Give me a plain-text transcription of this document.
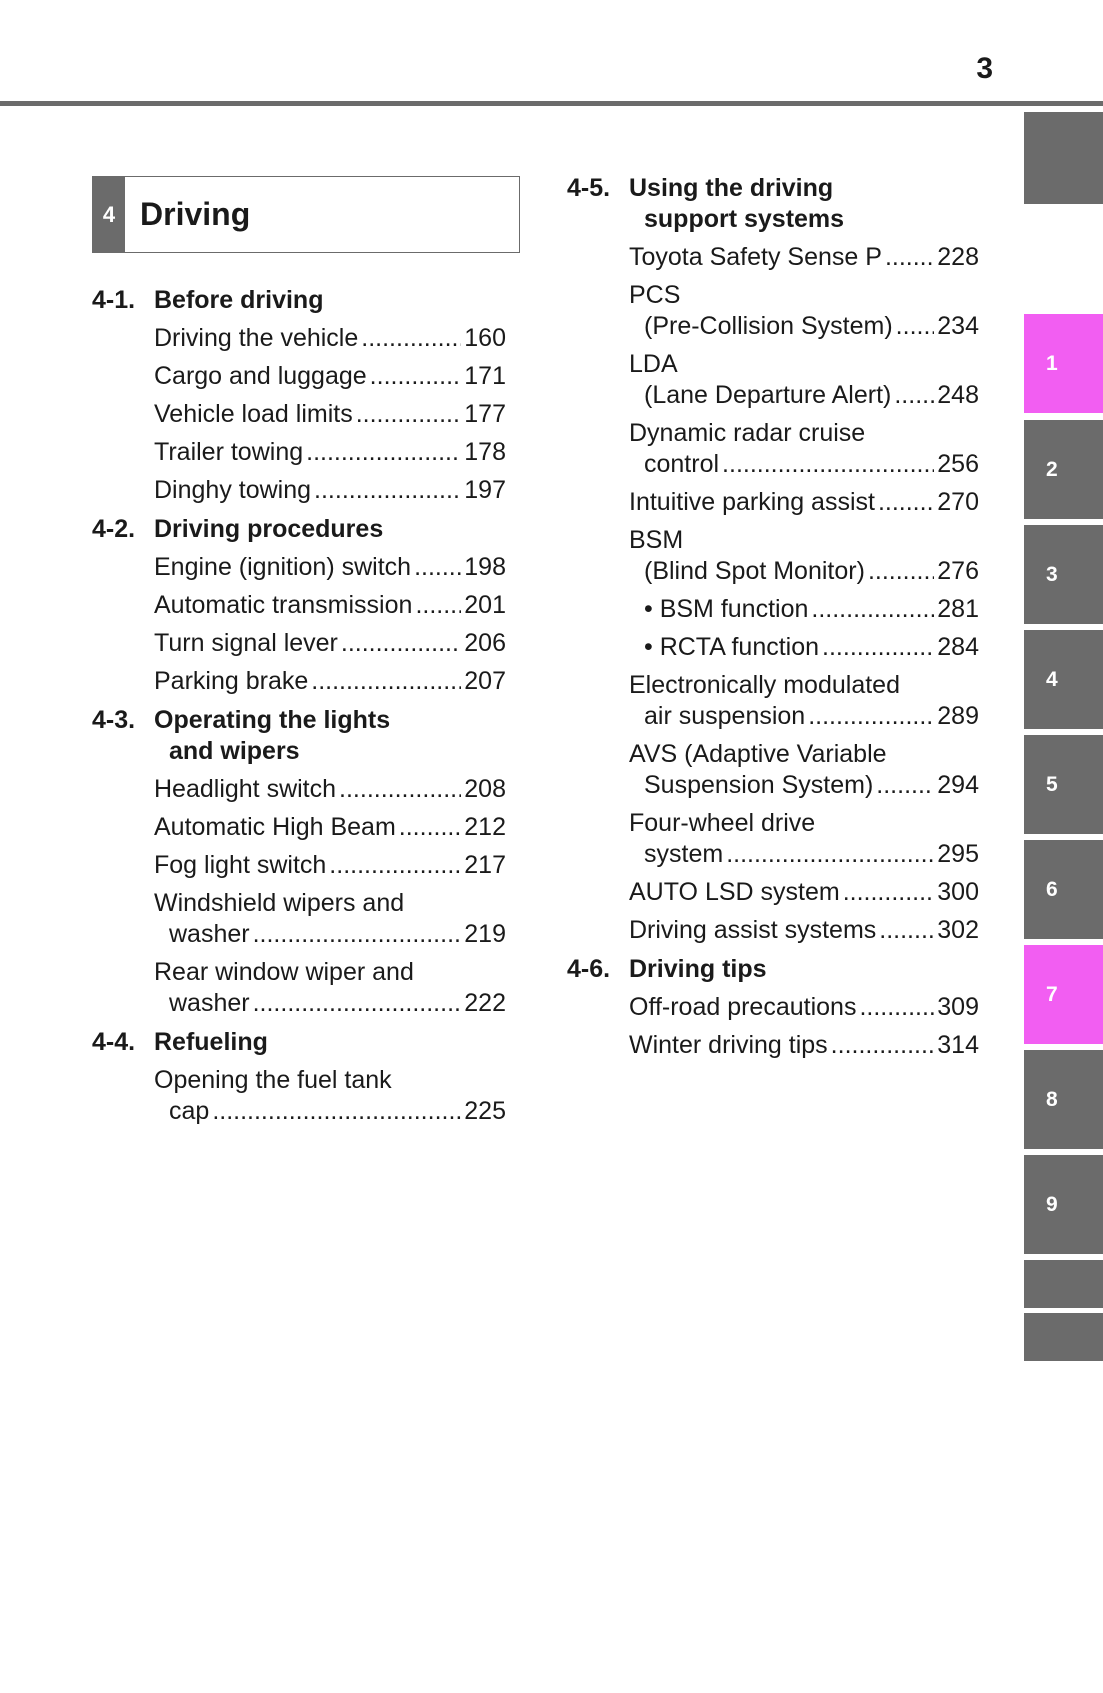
3
4 Driving
4-1. Before driving
Driving the vehicle .....	160
Cargo and luggage .....	171
Vehicle load limits .....	177
Trailer towing .....	178
Dinghy towing .....	197
4-2. Driving procedures
Engine (ignition) switch ..... 198
Automatic transmission ..... 201
Turn signal lever .....	206
Parking brake .....	207
4-3. Operating the lights
and wipers
Headlight switch .....	208
Automatic High Beam .....	212
Fog light switch .....	217
Windshield wipers and
washer .....	219
Rear window wiper and
washer .....	222
4-4. Refueling
Opening the fuel tank
cap .....	225
4-5. Using the driving
support systems
Toyota Safety Sense P ..... 228
PCS
(Pre-Collision System) ..... 234
LDA
(Lane Departure Alert) ..... 248
Dynamic radar cruise
control .....	256
Intuitive parking assist ..... 270
BSM
(Blind Spot Monitor) .....	276
• BSM function .....	281
• RCTA function .....	284
Electronically modulated
air suspension .....	289
AVS (Adaptive Variable
Suspension System) .....	294
Four-wheel drive
system .....	295
AUTO LSD system .....	300
Driving assist systems ..... 302
4-6. Driving tips
Off-road precautions .....	309
Winter driving tips .....	314
1
2
3
4
5
6
7
8
9
